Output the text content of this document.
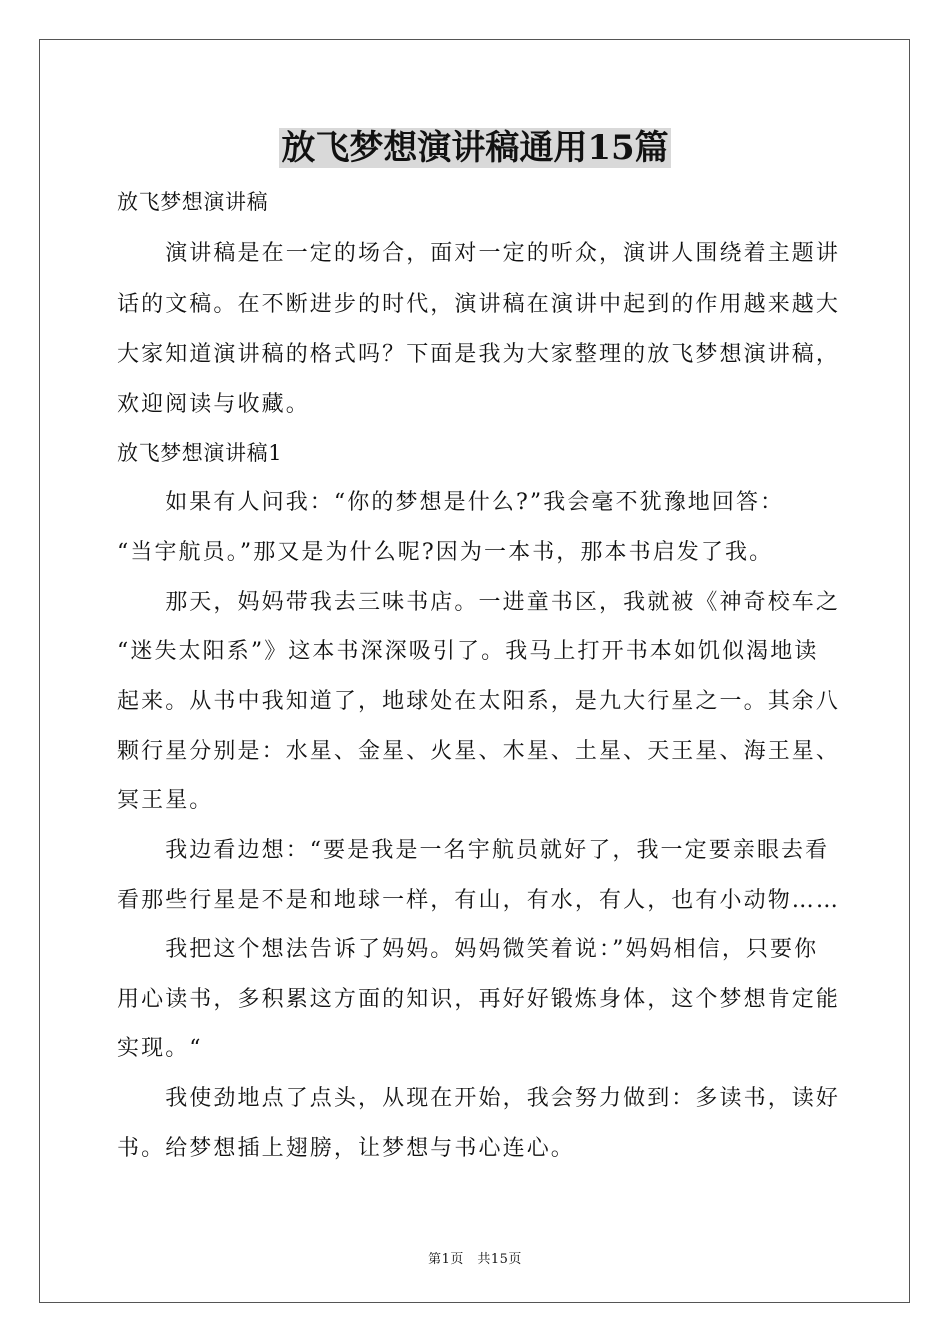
放飞梦想演讲稿通用15篇
放飞梦想演讲稿
　　演讲稿是在一定的场合，面对一定的听众，演讲人围绕着主题讲
话的文稿。在不断进步的时代，演讲稿在演讲中起到的作用越来越大
大家知道演讲稿的格式吗？下面是我为大家整理的放飞梦想演讲稿，
欢迎阅读与收藏。
放飞梦想演讲稿1
　　如果有人问我：“你的梦想是什么?”我会毫不犹豫地回答：
“当宇航员。”那又是为什么呢?因为一本书，那本书启发了我。
　　那天，妈妈带我去三味书店。一进童书区，我就被《神奇校车之
“迷失太阳系”》这本书深深吸引了。我马上打开书本如饥似渴地读
起来。从书中我知道了，地球处在太阳系，是九大行星之一。其余八
颗行星分别是：水星、金星、火星、木星、土星、天王星、海王星、
冥王星。
　　我边看边想：“要是我是一名宇航员就好了，我一定要亲眼去看
看那些行星是不是和地球一样，有山，有水，有人，也有小动物……
　　我把这个想法告诉了妈妈。妈妈微笑着说：”妈妈相信，只要你
用心读书，多积累这方面的知识，再好好锻炼身体，这个梦想肯定能
实现。“
　　我使劲地点了点头，从现在开始，我会努力做到：多读书，读好
书。给梦想插上翅膀，让梦想与书心连心。
第1页　共15页
